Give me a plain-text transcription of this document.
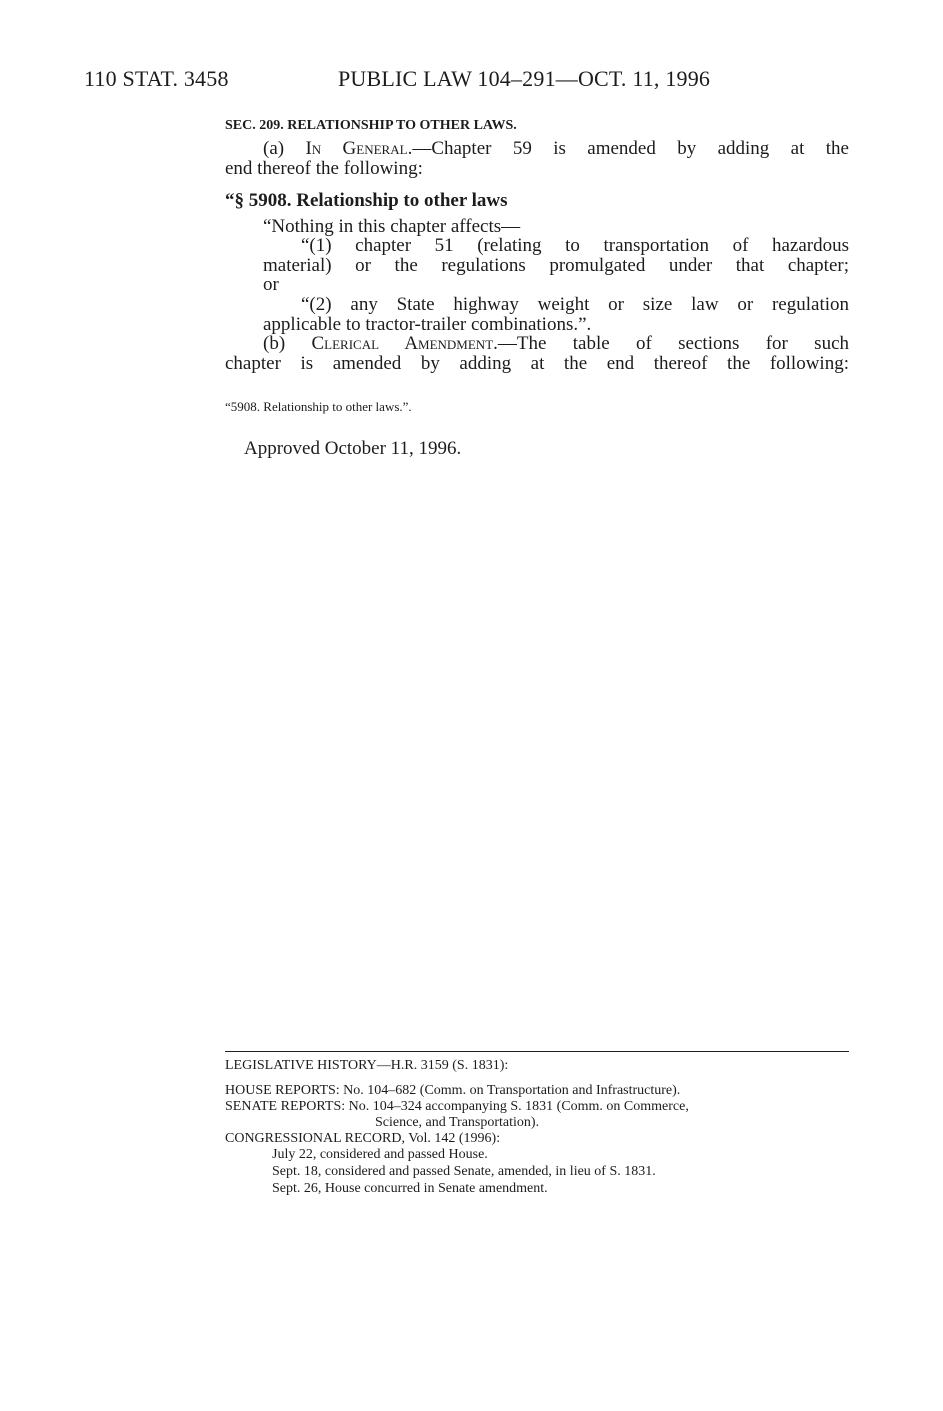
110 STAT. 3458	PUBLIC LAW 104–291—OCT. 11, 1996
SEC. 209. RELATIONSHIP TO OTHER LAWS.
(a) In General.—Chapter 59 is amended by adding at the
end thereof the following:
“§ 5908. Relationship to other laws
“Nothing in this chapter affects—
“(1) chapter 51 (relating to transportation of hazardous
material) or the regulations promulgated under that chapter;
or
“(2) any State highway weight or size law or regulation
applicable to tractor-trailer combinations.”.
(b) Clerical Amendment.—The table of sections for such
chapter is amended by adding at the end thereof the following:
“5908. Relationship to other laws.”.
Approved October 11, 1996.
LEGISLATIVE HISTORY—H.R. 3159 (S. 1831):
HOUSE REPORTS: No. 104–682 (Comm. on Transportation and Infrastructure).
SENATE REPORTS: No. 104–324 accompanying S. 1831 (Comm. on Commerce,
Science, and Transportation).
CONGRESSIONAL RECORD, Vol. 142 (1996):
July 22, considered and passed House.
Sept. 18, considered and passed Senate, amended, in lieu of S. 1831.
Sept. 26, House concurred in Senate amendment.
